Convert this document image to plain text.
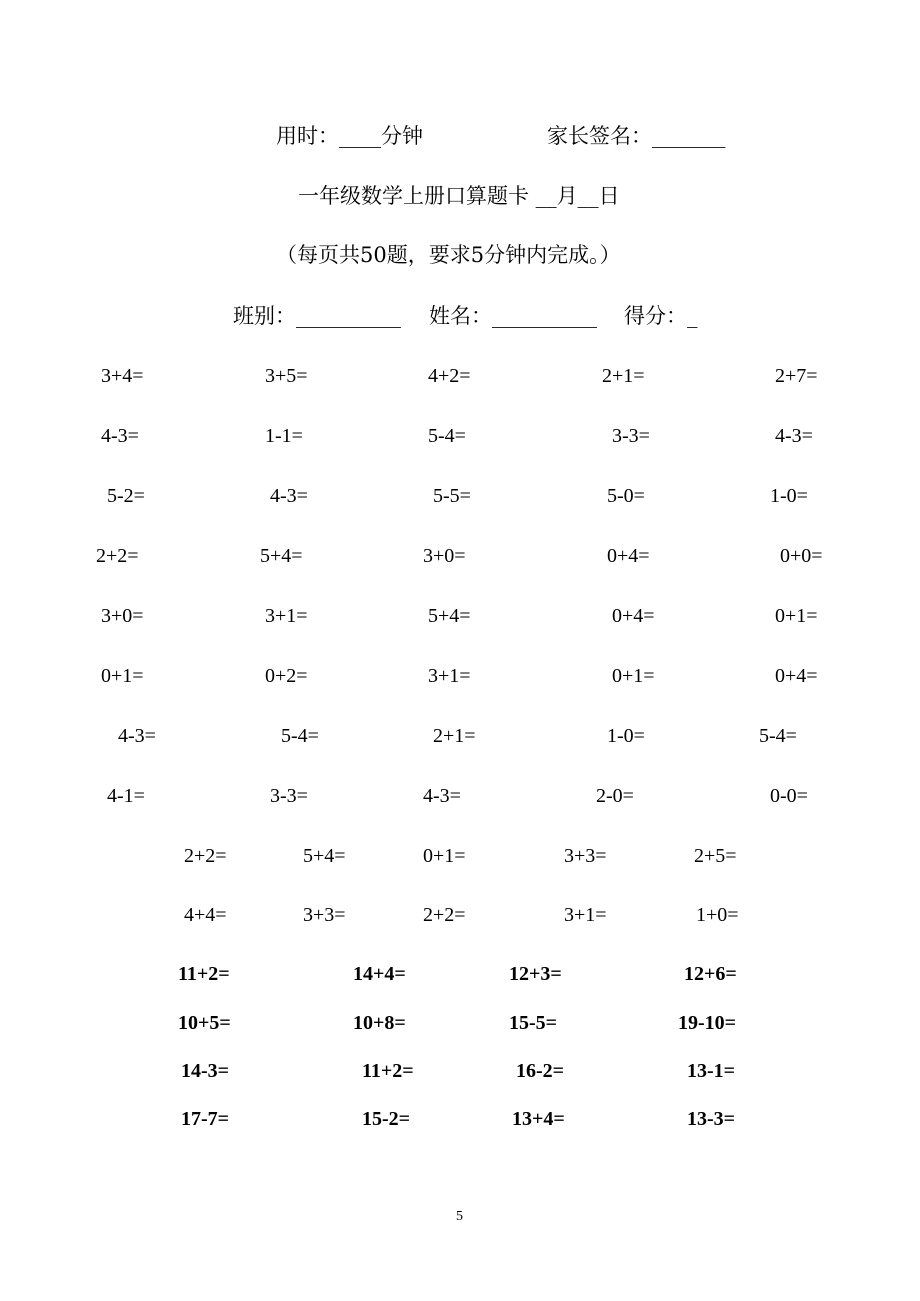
用时：____分钟	家长签名：_______
一年级数学上册口算题卡 __月__日
（每页共50题，要求5分钟内完成。）
班别：__________ 姓名：__________ 得分：_
3+4=	3+5=	4+2=	2+1=	2+7=
4-3=	1-1=	5-4=	3-3=	4-3=
5-2=	4-3=	5-5=	5-0=	1-0=
2+2=	5+4=	3+0=	0+4=	0+0=
3+0=	3+1=	5+4=	0+4=	0+1=
0+1=	0+2=	3+1=	0+1=	0+4=
4-3=	5-4=	2+1=	1-0=	5-4=
4-1=	3-3=	4-3=	2-0=	0-0=
2+2=	5+4=	0+1=	3+3=	2+5=
4+4=	3+3=	2+2=	3+1=	1+0=
11+2=	14+4=	12+3=	12+6=
10+5=	10+8=	15-5=	19-10=
14-3=	11+2=	16-2=	13-1=
17-7=	15-2=	13+4=	13-3=
5
